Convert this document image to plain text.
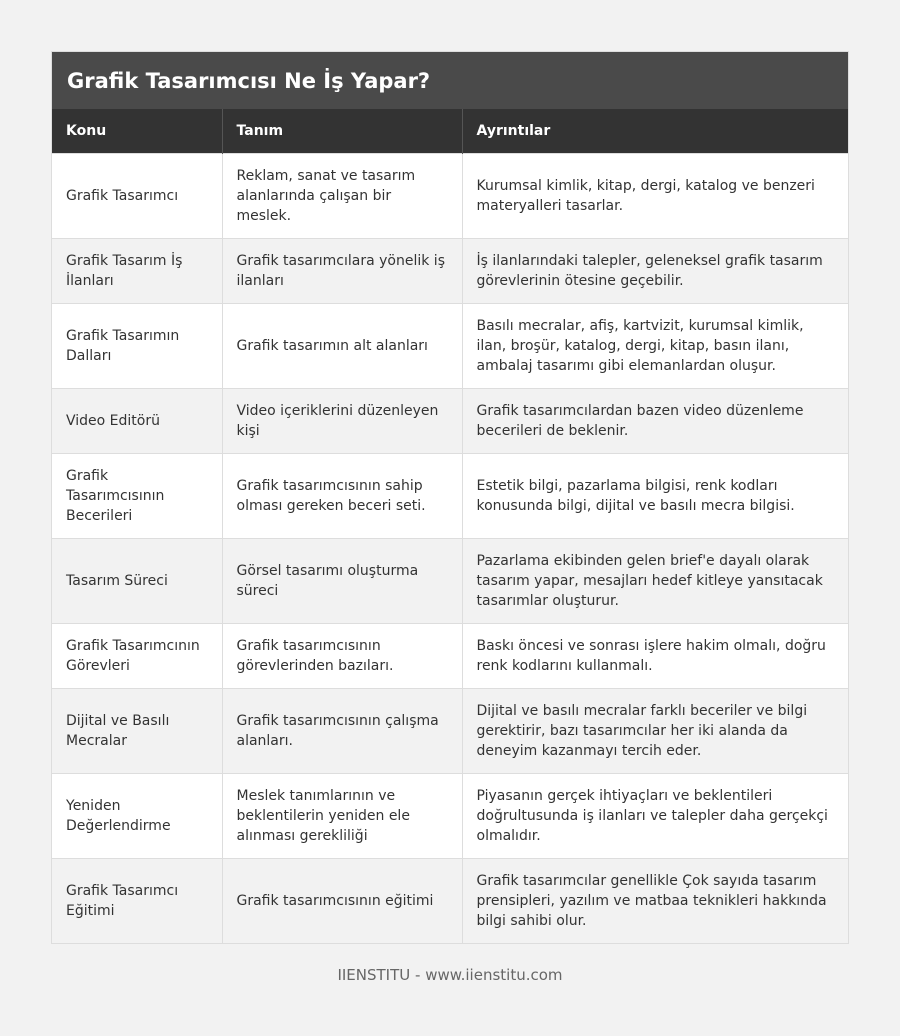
Grafik Tasarımcısı Ne İş Yapar?
Konu	Tanım	Ayrıntılar
Grafik Tasarımcı	Reklam, sanat ve tasarım alanlarında çalışan bir meslek.	Kurumsal kimlik, kitap, dergi, katalog ve benzeri materyalleri tasarlar.
Grafik Tasarım İş İlanları	Grafik tasarımcılara yönelik iş ilanları	İş ilanlarındaki talepler, geleneksel grafik tasarım görevlerinin ötesine geçebilir.
Grafik Tasarımın Dalları	Grafik tasarımın alt alanları	Basılı mecralar, afiş, kartvizit, kurumsal kimlik, ilan, broşür, katalog, dergi, kitap, basın ilanı, ambalaj tasarımı gibi elemanlardan oluşur.
Video Editörü	Video içeriklerini düzenleyen kişi	Grafik tasarımcılardan bazen video düzenleme becerileri de beklenir.
Grafik Tasarımcısının Becerileri	Grafik tasarımcısının sahip olması gereken beceri seti.	Estetik bilgi, pazarlama bilgisi, renk kodları konusunda bilgi, dijital ve basılı mecra bilgisi.
Tasarım Süreci	Görsel tasarımı oluşturma süreci	Pazarlama ekibinden gelen brief'e dayalı olarak tasarım yapar, mesajları hedef kitleye yansıtacak tasarımlar oluşturur.
Grafik Tasarımcının Görevleri	Grafik tasarımcısının görevlerinden bazıları.	Baskı öncesi ve sonrası işlere hakim olmalı, doğru renk kodlarını kullanmalı.
Dijital ve Basılı Mecralar	Grafik tasarımcısının çalışma alanları.	Dijital ve basılı mecralar farklı beceriler ve bilgi gerektirir, bazı tasarımcılar her iki alanda da deneyim kazanmayı tercih eder.
Yeniden Değerlendirme	Meslek tanımlarının ve beklentilerin yeniden ele alınması gerekliliği	Piyasanın gerçek ihtiyaçları ve beklentileri doğrultusunda iş ilanları ve talepler daha gerçekçi olmalıdır.
Grafik Tasarımcı Eğitimi	Grafik tasarımcısının eğitimi	Grafik tasarımcılar genellikle Çok sayıda tasarım prensipleri, yazılım ve matbaa teknikleri hakkında bilgi sahibi olur.
IIENSTITU - www.iienstitu.com
